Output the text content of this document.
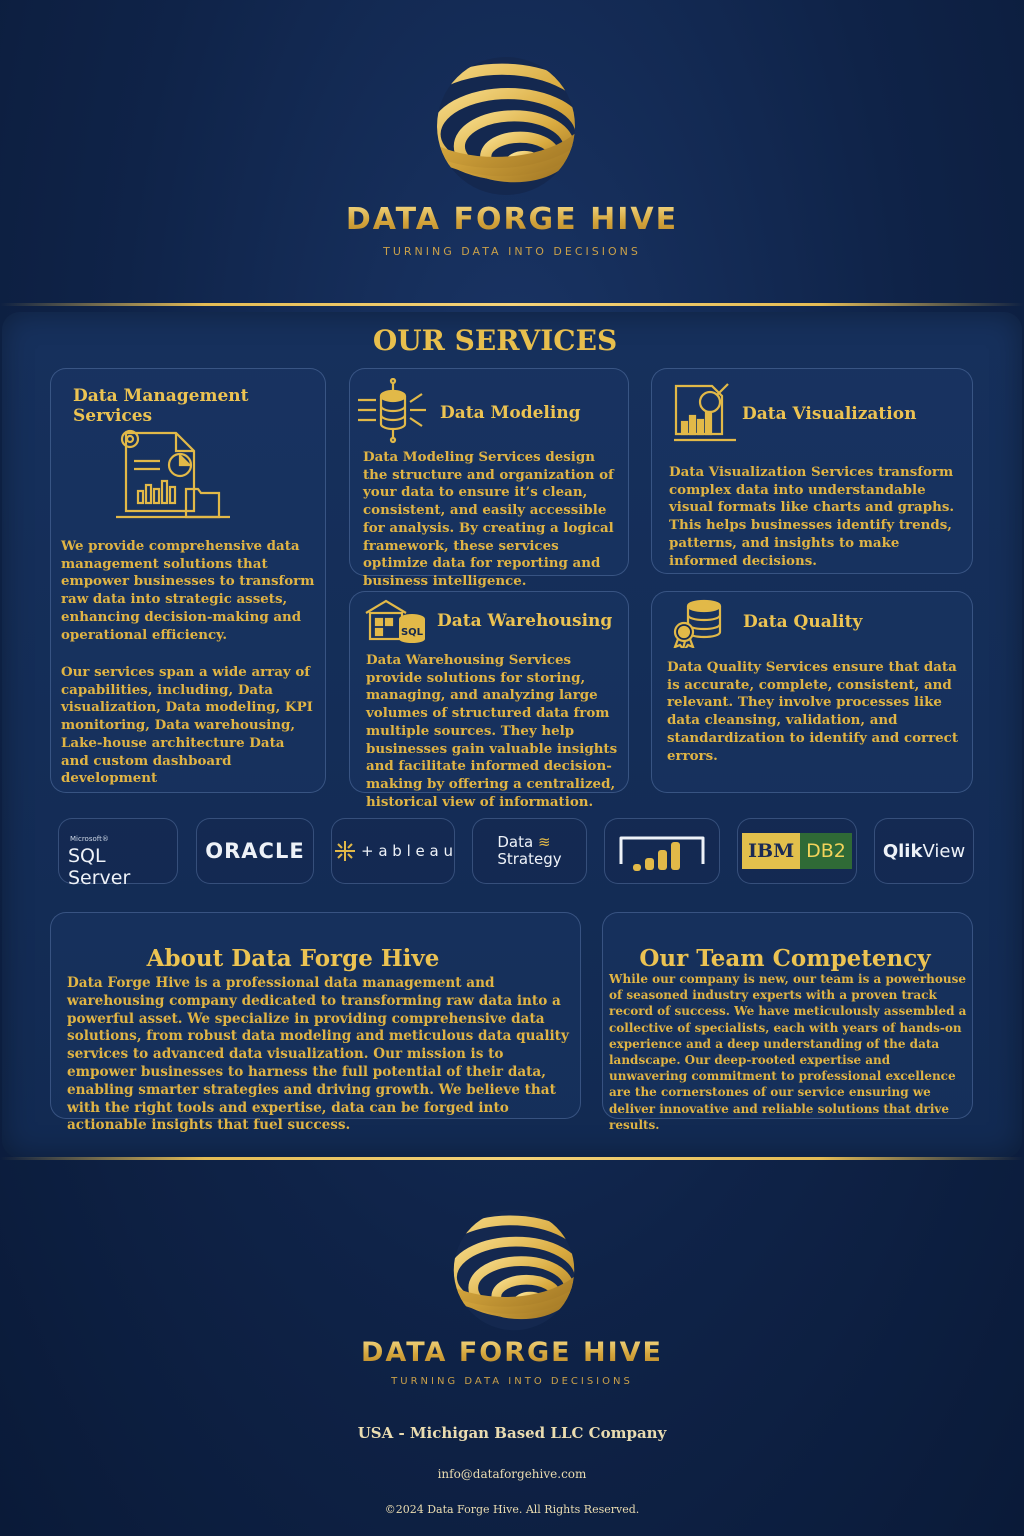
DATA FORGE HIVE
TURNING DATA INTO DECISIONS
OUR SERVICES
Data Management Services
We provide comprehensive data management solutions that empower businesses to transform raw data into strategic assets, enhancing decision-making and operational efficiency.
Our services span a wide array of capabilities, including, Data visualization, Data modeling, KPI monitoring, Data warehousing, Lake-house architecture Data and custom dashboard development
Data Modeling
Data Modeling Services design the structure and organization of your data to ensure it’s clean, consistent, and easily accessible for analysis. By creating a logical framework, these services optimize data for reporting and business intelligence.
Data Visualization
Data Visualization Services transform complex data into understandable visual formats like charts and graphs. This helps businesses identify trends, patterns, and insights to make informed decisions.
SQL
Data Warehousing
Data Warehousing Services provide solutions for storing, managing, and analyzing large volumes of structured data from multiple sources. They help businesses gain valuable insights and facilitate informed decision-making by offering a centralized, historical view of information.
Data Quality
Data Quality Services ensure that data is accurate, complete, consistent, and relevant. They involve processes like data cleansing, validation, and standardization to identify and correct errors.
Microsoft®
SQL Server
ORACLE	+ a b l e a u	Data ≋
Strategy	IBM DB2	Qlik View
About Data Forge Hive
Data Forge Hive is a professional data management and warehousing company dedicated to transforming raw data into a powerful asset. We specialize in providing comprehensive data solutions, from robust data modeling and meticulous data quality services to advanced data visualization. Our mission is to empower businesses to harness the full potential of their data, enabling smarter strategies and driving growth. We believe that with the right tools and expertise, data can be forged into actionable insights that fuel success.
Our Team Competency
While our company is new, our team is a powerhouse of seasoned industry experts with a proven track record of success. We have meticulously assembled a collective of specialists, each with years of hands-on experience and a deep understanding of the data landscape. Our deep-rooted expertise and unwavering commitment to professional excellence are the cornerstones of our service ensuring we deliver innovative and reliable solutions that drive results.
DATA FORGE HIVE
TURNING DATA INTO DECISIONS
USA - Michigan Based LLC Company
info@dataforgehive.com
©2024 Data Forge Hive. All Rights Reserved.
